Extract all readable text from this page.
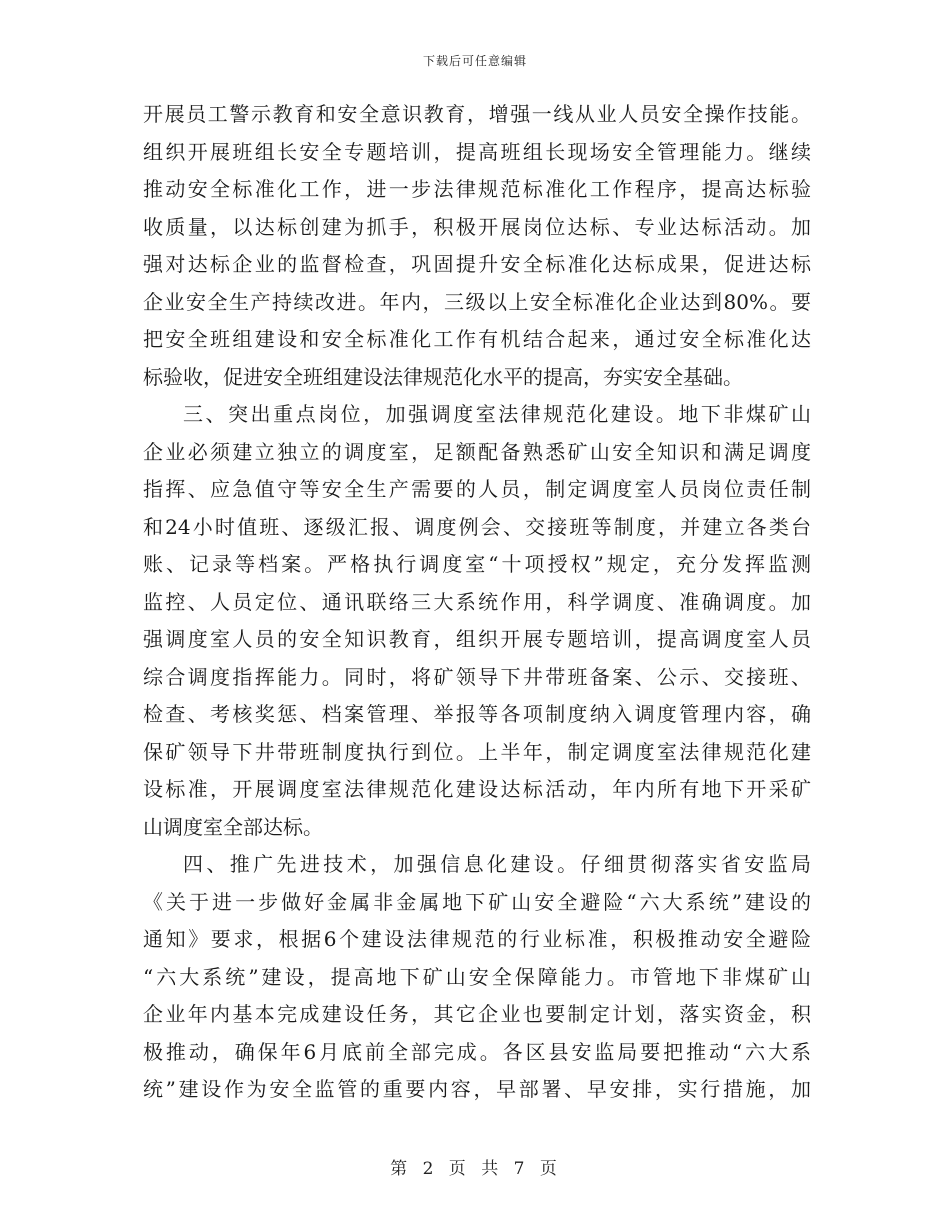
下载后可任意编辑
开展员工警示教育和安全意识教育，增强一线从业人员安全操作技能。
组织开展班组长安全专题培训，提高班组长现场安全管理能力。继续
推动安全标准化工作，进一步法律规范标准化工作程序，提高达标验
收质量，以达标创建为抓手，积极开展岗位达标、专业达标活动。加
强对达标企业的监督检查，巩固提升安全标准化达标成果，促进达标
企业安全生产持续改进。年内，三级以上安全标准化企业达到80%。要
把安全班组建设和安全标准化工作有机结合起来，通过安全标准化达
标验收，促进安全班组建设法律规范化水平的提高，夯实安全基础。
三、突出重点岗位，加强调度室法律规范化建设。地下非煤矿山
企业必须建立独立的调度室，足额配备熟悉矿山安全知识和满足调度
指挥、应急值守等安全生产需要的人员，制定调度室人员岗位责任制
和24小时值班、逐级汇报、调度例会、交接班等制度，并建立各类台
账、记录等档案。严格执行调度室“十项授权”规定，充分发挥监测
监控、人员定位、通讯联络三大系统作用，科学调度、准确调度。加
强调度室人员的安全知识教育，组织开展专题培训，提高调度室人员
综合调度指挥能力。同时，将矿领导下井带班备案、公示、交接班、
检查、考核奖惩、档案管理、举报等各项制度纳入调度管理内容，确
保矿领导下井带班制度执行到位。上半年，制定调度室法律规范化建
设标准，开展调度室法律规范化建设达标活动，年内所有地下开采矿
山调度室全部达标。
四、推广先进技术，加强信息化建设。仔细贯彻落实省安监局
《关于进一步做好金属非金属地下矿山安全避险“六大系统”建设的
通知》要求，根据6个建设法律规范的行业标准，积极推动安全避险
“六大系统”建设，提高地下矿山安全保障能力。市管地下非煤矿山
企业年内基本完成建设任务，其它企业也要制定计划，落实资金，积
极推动，确保年6月底前全部完成。各区县安监局要把推动“六大系
统”建设作为安全监管的重要内容，早部署、早安排，实行措施，加
第 2 页 共 7 页
